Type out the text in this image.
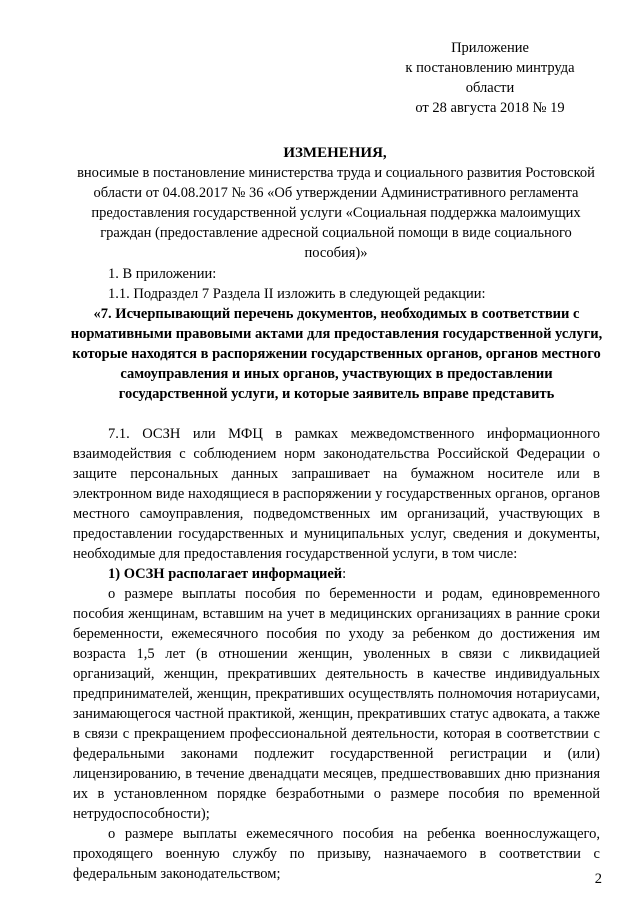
Приложение
к постановлению минтруда
области
от 28 августа 2018 № 19
ИЗМЕНЕНИЯ,
вносимые в постановление министерства труда и социального развития Ростовской области от 04.08.2017 № 36 «Об утверждении Административного регламента предоставления государственной услуги «Социальная поддержка малоимущих граждан (предоставление адресной социальной помощи в виде социального пособия)»

1. В приложении:

1.1. Подраздел 7 Раздела II изложить в следующей редакции:

«7. Исчерпывающий перечень документов, необходимых в соответствии с нормативными правовыми актами для предоставления государственной услуги, которые находятся в распоряжении государственных органов, органов местного самоуправления и иных органов, участвующих в предоставлении государственной услуги, и которые заявитель вправе представить

7.1. ОСЗН или МФЦ в рамках межведомственного информационного взаимодействия с соблюдением норм законодательства Российской Федерации о защите персональных данных запрашивает на бумажном носителе или в электронном виде находящиеся в распоряжении у государственных органов, органов местного самоуправления, подведомственных им организаций, участвующих в предоставлении государственных и муниципальных услуг, сведения и документы, необходимые для предоставления государственной услуги, в том числе:

1) ОСЗН располагает информацией:

о размере выплаты пособия по беременности и родам, единовременного пособия женщинам, вставшим на учет в медицинских организациях в ранние сроки беременности, ежемесячного пособия по уходу за ребенком до достижения им возраста 1,5 лет (в отношении женщин, уволенных в связи с ликвидацией организаций, женщин, прекративших деятельность в качестве индивидуальных предпринимателей, женщин, прекративших осуществлять полномочия нотариусами, занимающегося частной практикой, женщин, прекративших статус адвоката, а также в связи с прекращением профессиональной деятельности, которая в соответствии с федеральными законами подлежит государственной регистрации и (или) лицензированию, в течение двенадцати месяцев, предшествовавших дню признания их в установленном порядке безработными о размере пособия по временной нетрудоспособности);

о размере выплаты ежемесячного пособия на ребенка военнослужащего, проходящего военную службу по призыву, назначаемого в соответствии с федеральным законодательством;	2
